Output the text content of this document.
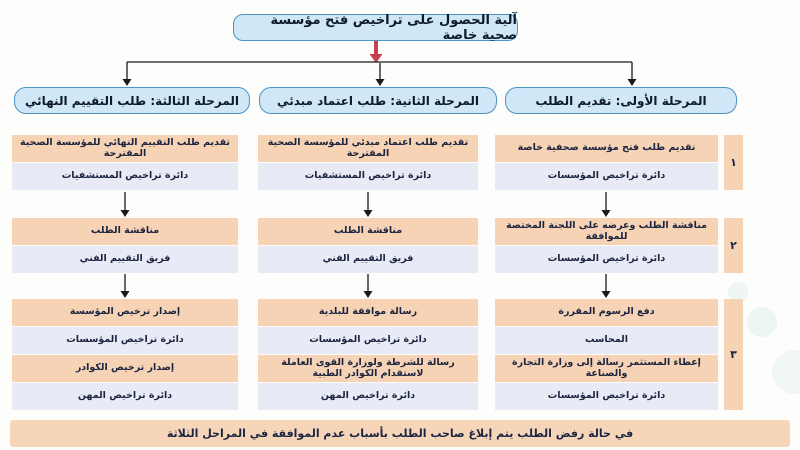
آلية الحصول على تراخيص فتح مؤسسة صحية خاصة
المرحلة الأولى: تقديم الطلب
المرحلة الثانية: طلب اعتماد مبدئي
المرحلة الثالثة: طلب التقييم النهائي
تقديم طلب فتح مؤسسة صحفية خاصة
دائرة تراخيص المؤسسات
مناقشة الطلب وعرضه على اللجنة المختصة للموافقة
دائرة تراخيص المؤسسات
دفع الرسوم المقررة
المحاسب
إعطاء المستثمر رسالة إلى وزارة التجارة والصناعة
دائرة تراخيص المؤسسات
تقديم طلب اعتماد مبدئي للمؤسسة الصحية المقترحة
دائرة تراخيص المستشفيات
مناقشة الطلب
فريق التقييم الفني
رسالة موافقة للبلدية
دائرة تراخيص المؤسسات
رسالة للشرطة ولوزارة القوى العاملة لاستقدام الكوادر الطبية
دائرة تراخيص المهن
تقديم طلب التقييم النهائي للمؤسسة الصحية المقترحة
دائرة تراخيص المستشفيات
مناقشة الطلب
فريق التقييم الفني
إصدار ترخيص المؤسسة
دائرة تراخيص المؤسسات
إصدار ترخيص الكوادر
دائرة تراخيص المهن
١
٢
٣
في حالة رفض الطلب يتم إبلاغ صاحب الطلب بأسباب عدم الموافقة في المراحل الثلاثة
